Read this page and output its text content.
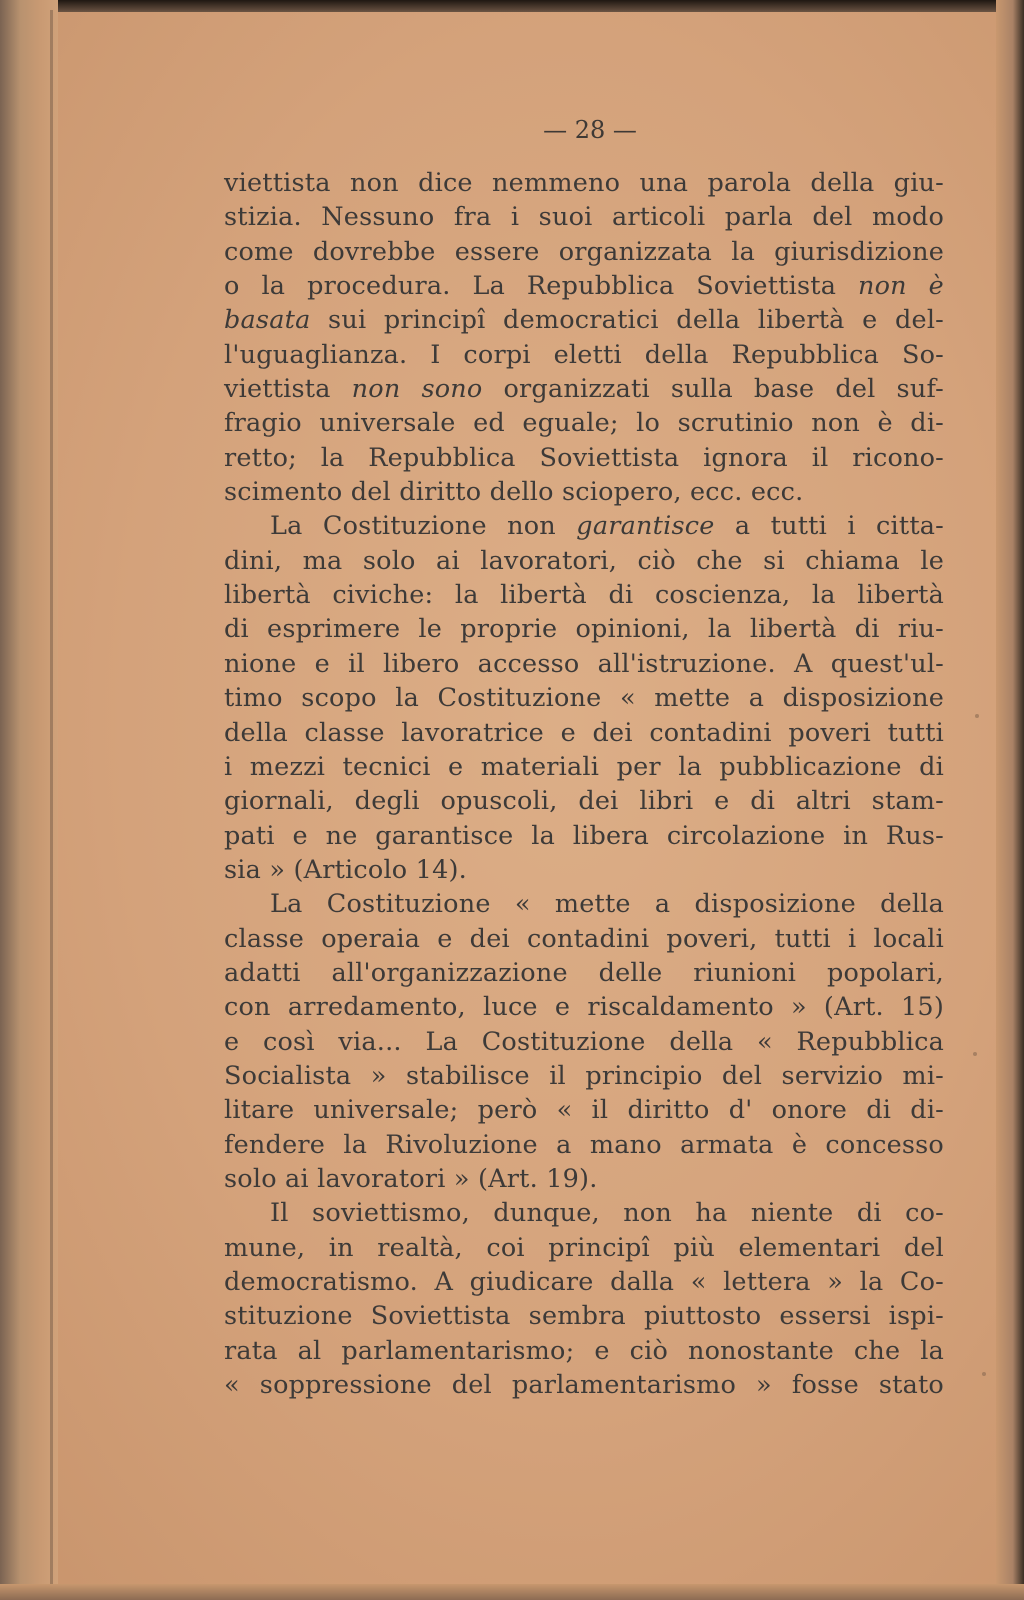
— 28 —
viettista non dice nemmeno una parola della giu-
stizia. Nessuno fra i suoi articoli parla del modo
come dovrebbe essere organizzata la giurisdizione
o la procedura. La Repubblica Soviettista non è
basata sui principî democratici della libertà e del-
l'uguaglianza. I corpi eletti della Repubblica So-
viettista non sono organizzati sulla base del suf-
fragio universale ed eguale; lo scrutinio non è di-
retto; la Repubblica Soviettista ignora il ricono-
scimento del diritto dello sciopero, ecc. ecc.
La Costituzione non garantisce a tutti i citta-
dini, ma solo ai lavoratori, ciò che si chiama le
libertà civiche: la libertà di coscienza, la libertà
di esprimere le proprie opinioni, la libertà di riu-
nione e il libero accesso all'istruzione. A quest'ul-
timo scopo la Costituzione « mette a disposizione
della classe lavoratrice e dei contadini poveri tutti
i mezzi tecnici e materiali per la pubblicazione di
giornali, degli opuscoli, dei libri e di altri stam-
pati e ne garantisce la libera circolazione in Rus-
sia » (Articolo 14).
La Costituzione « mette a disposizione della
classe operaia e dei contadini poveri, tutti i locali
adatti all'organizzazione delle riunioni popolari,
con arredamento, luce e riscaldamento » (Art. 15)
e così via... La Costituzione della « Repubblica
Socialista » stabilisce il principio del servizio mi-
litare universale; però « il diritto d' onore di di-
fendere la Rivoluzione a mano armata è concesso
solo ai lavoratori » (Art. 19).
Il soviettismo, dunque, non ha niente di co-
mune, in realtà, coi principî più elementari del
democratismo. A giudicare dalla « lettera » la Co-
stituzione Soviettista sembra piuttosto essersi ispi-
rata al parlamentarismo; e ciò nonostante che la
« soppressione del parlamentarismo » fosse stato
